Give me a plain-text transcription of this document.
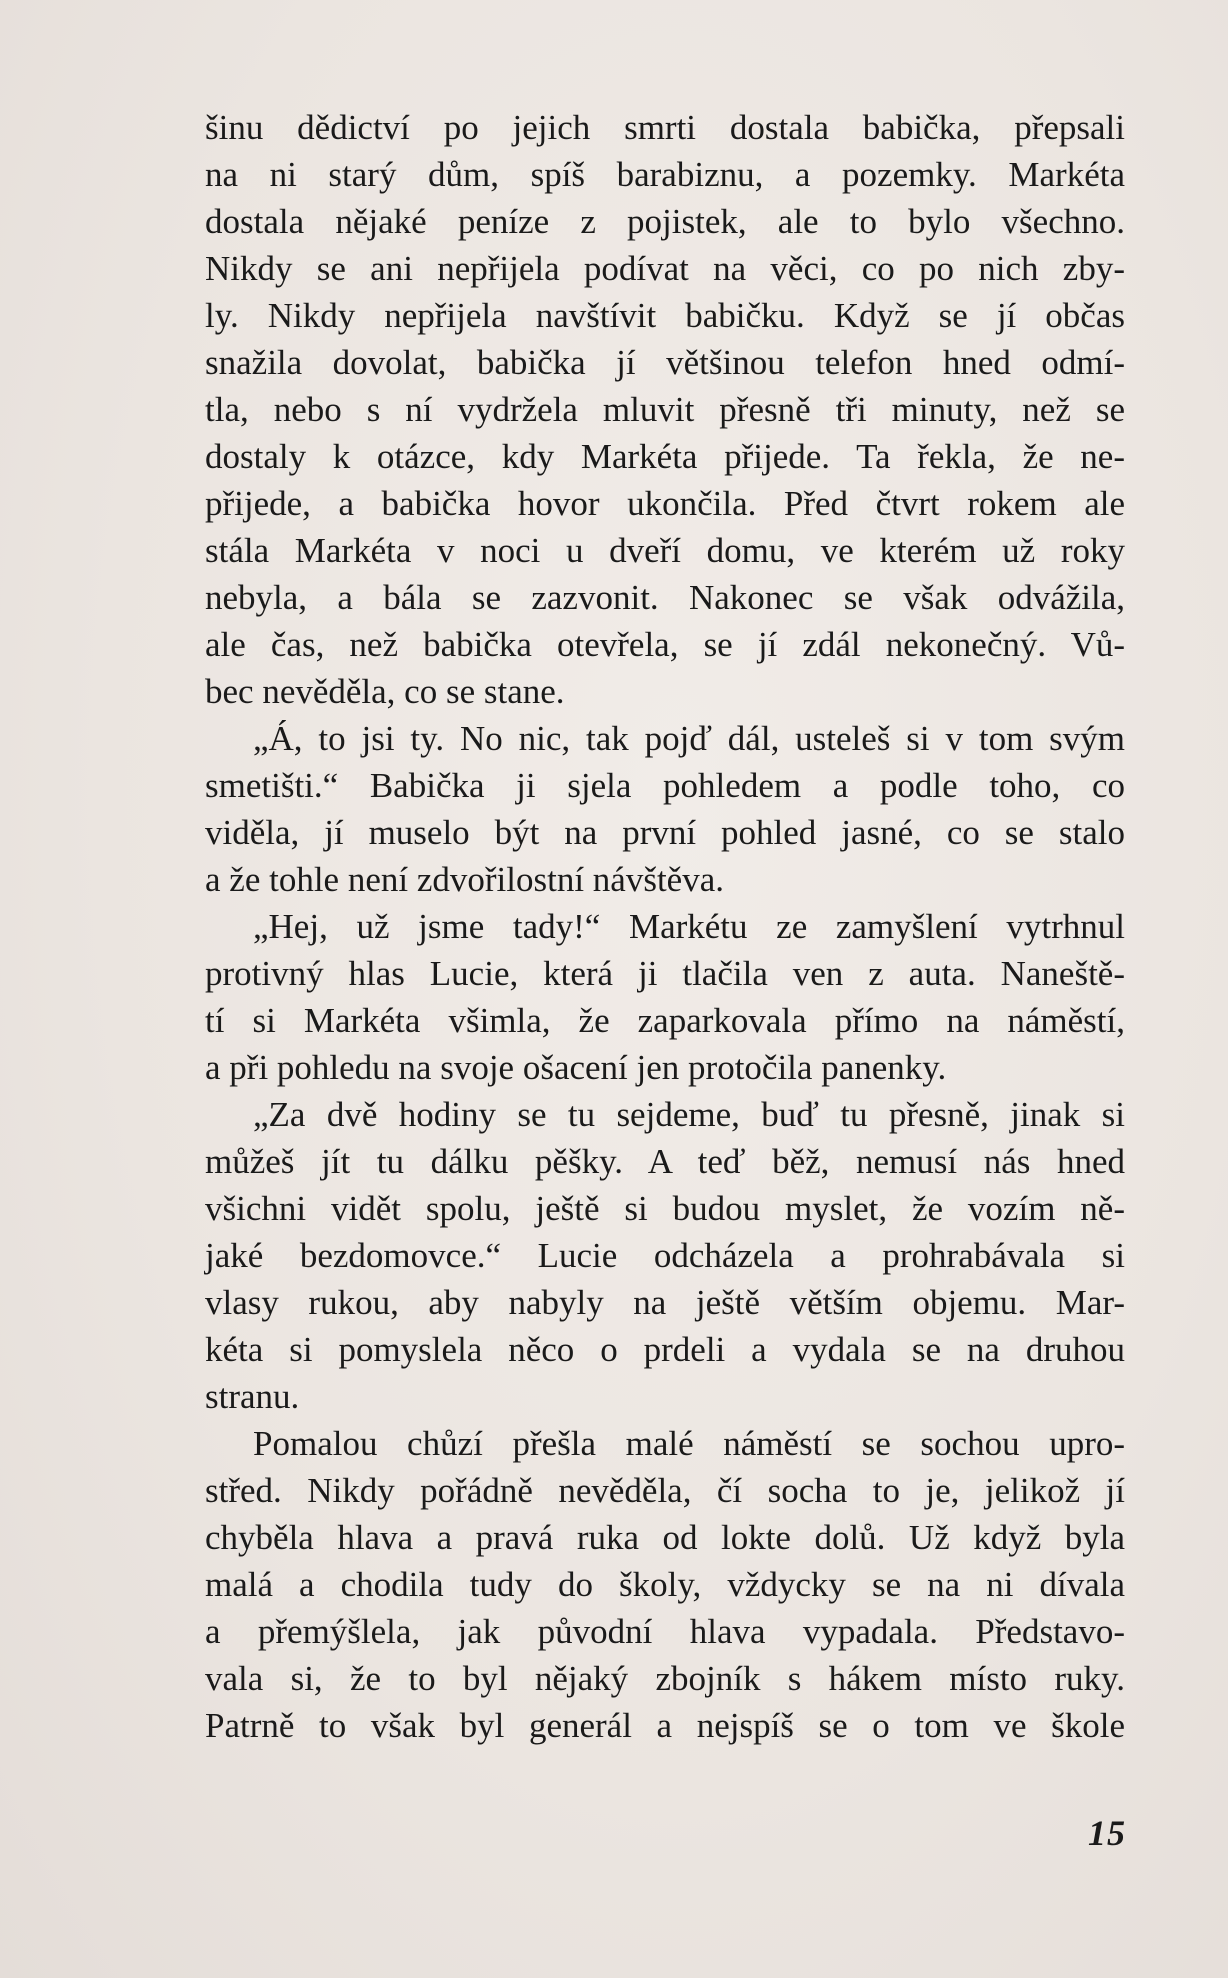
šinu dědictví po jejich smrti dostala babička, přepsali
na ni starý dům, spíš barabiznu, a pozemky. Markéta
dostala nějaké peníze z pojistek, ale to bylo všechno.
Nikdy se ani nepřijela podívat na věci, co po nich zby-
ly. Nikdy nepřijela navštívit babičku. Když se jí občas
snažila dovolat, babička jí většinou telefon hned odmí-
tla, nebo s ní vydržela mluvit přesně tři minuty, než se
dostaly k otázce, kdy Markéta přijede. Ta řekla, že ne-
přijede, a babička hovor ukončila. Před čtvrt rokem ale
stála Markéta v noci u dveří domu, ve kterém už roky
nebyla, a bála se zazvonit. Nakonec se však odvážila,
ale čas, než babička otevřela, se jí zdál nekonečný. Vů-
bec nevěděla, co se stane.
„Á, to jsi ty. No nic, tak pojď dál, usteleš si v tom svým
smetišti.“ Babička ji sjela pohledem a podle toho, co
viděla, jí muselo být na první pohled jasné, co se stalo
a že tohle není zdvořilostní návštěva.
„Hej, už jsme tady!“ Markétu ze zamyšlení vytrhnul
protivný hlas Lucie, která ji tlačila ven z auta. Naneště-
tí si Markéta všimla, že zaparkovala přímo na náměstí,
a při pohledu na svoje ošacení jen protočila panenky.
„Za dvě hodiny se tu sejdeme, buď tu přesně, jinak si
můžeš jít tu dálku pěšky. A teď běž, nemusí nás hned
všichni vidět spolu, ještě si budou myslet, že vozím ně-
jaké bezdomovce.“ Lucie odcházela a prohrabávala si
vlasy rukou, aby nabyly na ještě větším objemu. Mar-
kéta si pomyslela něco o prdeli a vydala se na druhou
stranu.
Pomalou chůzí přešla malé náměstí se sochou upro-
střed. Nikdy pořádně nevěděla, čí socha to je, jelikož jí
chyběla hlava a pravá ruka od lokte dolů. Už když byla
malá a chodila tudy do školy, vždycky se na ni dívala
a přemýšlela, jak původní hlava vypadala. Představo-
vala si, že to byl nějaký zbojník s hákem místo ruky.
Patrně to však byl generál a nejspíš se o tom ve škole
15
